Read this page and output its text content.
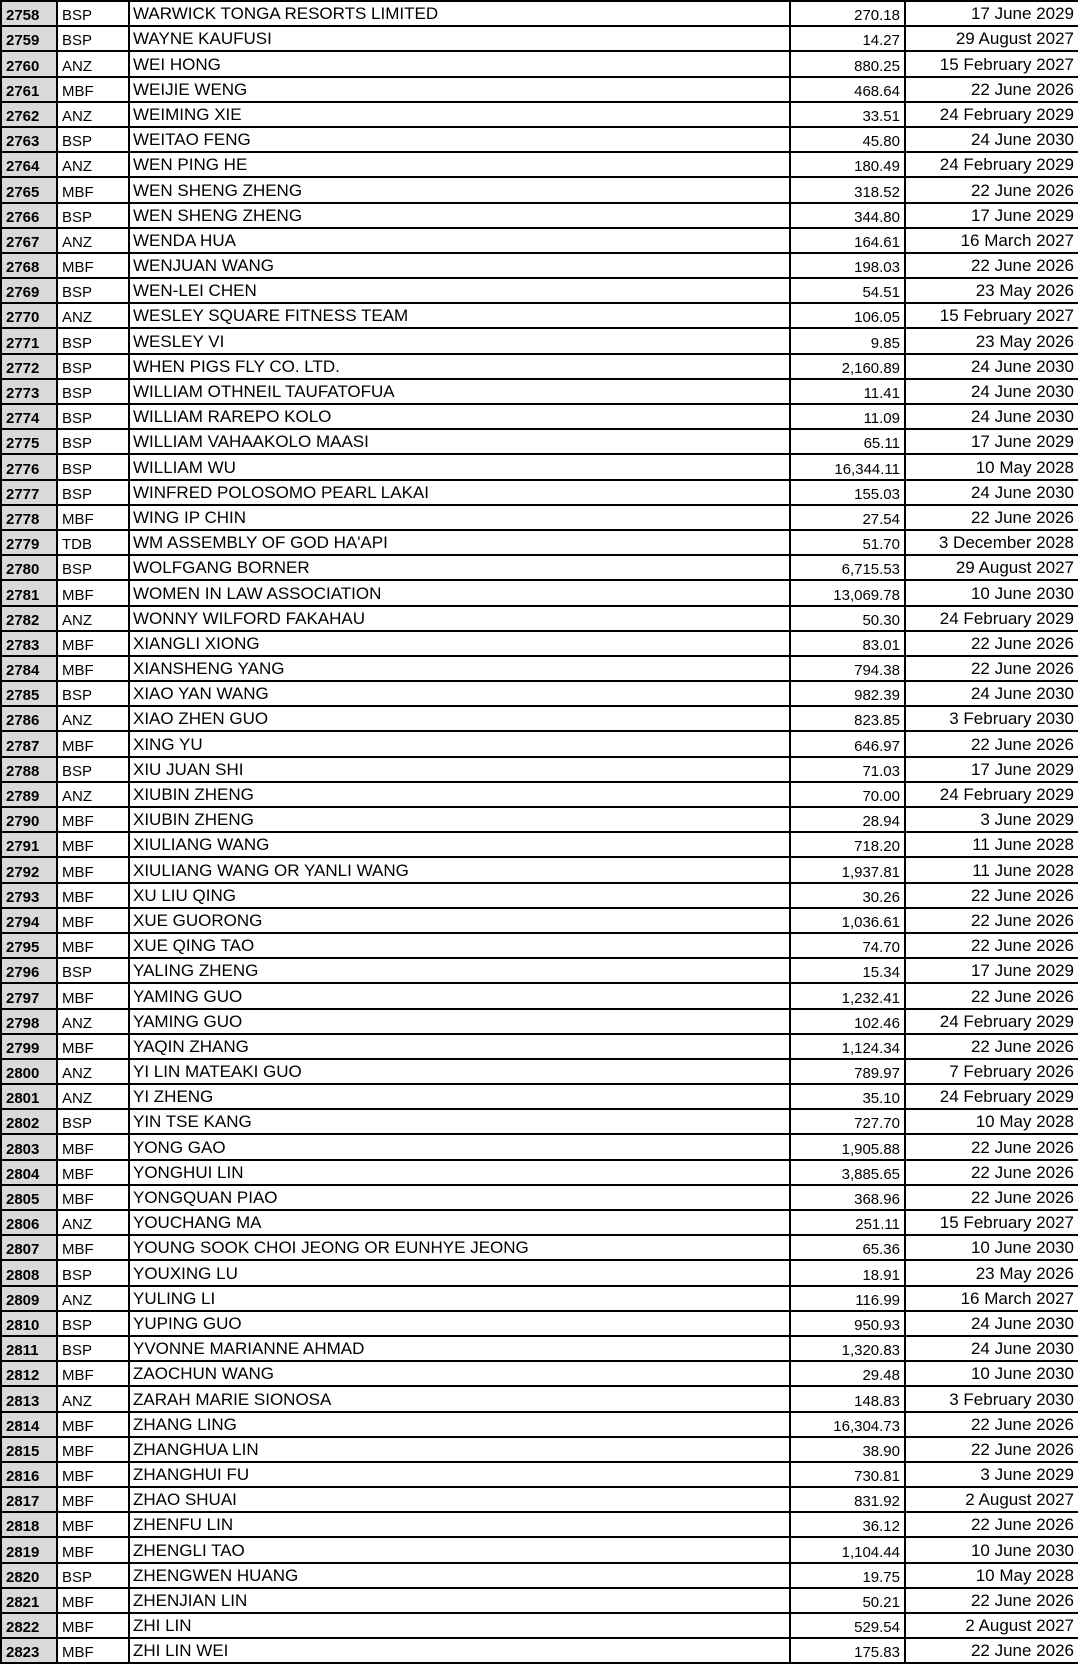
2758	BSP	WARWICK TONGA RESORTS LIMITED	270.18	17 June 2029
2759	BSP	WAYNE KAUFUSI	14.27	29 August 2027
2760	ANZ	WEI HONG	880.25	15 February 2027
2761	MBF	WEIJIE WENG	468.64	22 June 2026
2762	ANZ	WEIMING XIE	33.51	24 February 2029
2763	BSP	WEITAO FENG	45.80	24 June 2030
2764	ANZ	WEN PING HE	180.49	24 February 2029
2765	MBF	WEN SHENG ZHENG	318.52	22 June 2026
2766	BSP	WEN SHENG ZHENG	344.80	17 June 2029
2767	ANZ	WENDA HUA	164.61	16 March 2027
2768	MBF	WENJUAN WANG	198.03	22 June 2026
2769	BSP	WEN-LEI CHEN	54.51	23 May 2026
2770	ANZ	WESLEY SQUARE FITNESS TEAM	106.05	15 February 2027
2771	BSP	WESLEY VI	9.85	23 May 2026
2772	BSP	WHEN PIGS FLY CO. LTD.	2,160.89	24 June 2030
2773	BSP	WILLIAM OTHNEIL TAUFATOFUA	11.41	24 June 2030
2774	BSP	WILLIAM RAREPO KOLO	11.09	24 June 2030
2775	BSP	WILLIAM VAHAAKOLO MAASI	65.11	17 June 2029
2776	BSP	WILLIAM WU	16,344.11	10 May 2028
2777	BSP	WINFRED POLOSOMO PEARL LAKAI	155.03	24 June 2030
2778	MBF	WING IP CHIN	27.54	22 June 2026
2779	TDB	WM ASSEMBLY OF GOD HA'API	51.70	3 December 2028
2780	BSP	WOLFGANG BORNER	6,715.53	29 August 2027
2781	MBF	WOMEN IN LAW ASSOCIATION	13,069.78	10 June 2030
2782	ANZ	WONNY WILFORD FAKAHAU	50.30	24 February 2029
2783	MBF	XIANGLI XIONG	83.01	22 June 2026
2784	MBF	XIANSHENG YANG	794.38	22 June 2026
2785	BSP	XIAO YAN WANG	982.39	24 June 2030
2786	ANZ	XIAO ZHEN GUO	823.85	3 February 2030
2787	MBF	XING YU	646.97	22 June 2026
2788	BSP	XIU JUAN SHI	71.03	17 June 2029
2789	ANZ	XIUBIN ZHENG	70.00	24 February 2029
2790	MBF	XIUBIN ZHENG	28.94	3 June 2029
2791	MBF	XIULIANG WANG	718.20	11 June 2028
2792	MBF	XIULIANG WANG OR YANLI WANG	1,937.81	11 June 2028
2793	MBF	XU LIU QING	30.26	22 June 2026
2794	MBF	XUE GUORONG	1,036.61	22 June 2026
2795	MBF	XUE QING TAO	74.70	22 June 2026
2796	BSP	YALING ZHENG	15.34	17 June 2029
2797	MBF	YAMING GUO	1,232.41	22 June 2026
2798	ANZ	YAMING GUO	102.46	24 February 2029
2799	MBF	YAQIN ZHANG	1,124.34	22 June 2026
2800	ANZ	YI LIN MATEAKI GUO	789.97	7 February 2026
2801	ANZ	YI ZHENG	35.10	24 February 2029
2802	BSP	YIN TSE KANG	727.70	10 May 2028
2803	MBF	YONG GAO	1,905.88	22 June 2026
2804	MBF	YONGHUI LIN	3,885.65	22 June 2026
2805	MBF	YONGQUAN PIAO	368.96	22 June 2026
2806	ANZ	YOUCHANG MA	251.11	15 February 2027
2807	MBF	YOUNG SOOK CHOI JEONG OR EUNHYE JEONG	65.36	10 June 2030
2808	BSP	YOUXING LU	18.91	23 May 2026
2809	ANZ	YULING LI	116.99	16 March 2027
2810	BSP	YUPING GUO	950.93	24 June 2030
2811	BSP	YVONNE MARIANNE AHMAD	1,320.83	24 June 2030
2812	MBF	ZAOCHUN WANG	29.48	10 June 2030
2813	ANZ	ZARAH MARIE SIONOSA	148.83	3 February 2030
2814	MBF	ZHANG LING	16,304.73	22 June 2026
2815	MBF	ZHANGHUA LIN	38.90	22 June 2026
2816	MBF	ZHANGHUI FU	730.81	3 June 2029
2817	MBF	ZHAO SHUAI	831.92	2 August 2027
2818	MBF	ZHENFU LIN	36.12	22 June 2026
2819	MBF	ZHENGLI TAO	1,104.44	10 June 2030
2820	BSP	ZHENGWEN HUANG	19.75	10 May 2028
2821	MBF	ZHENJIAN LIN	50.21	22 June 2026
2822	MBF	ZHI LIN	529.54	2 August 2027
2823	MBF	ZHI LIN WEI	175.83	22 June 2026
